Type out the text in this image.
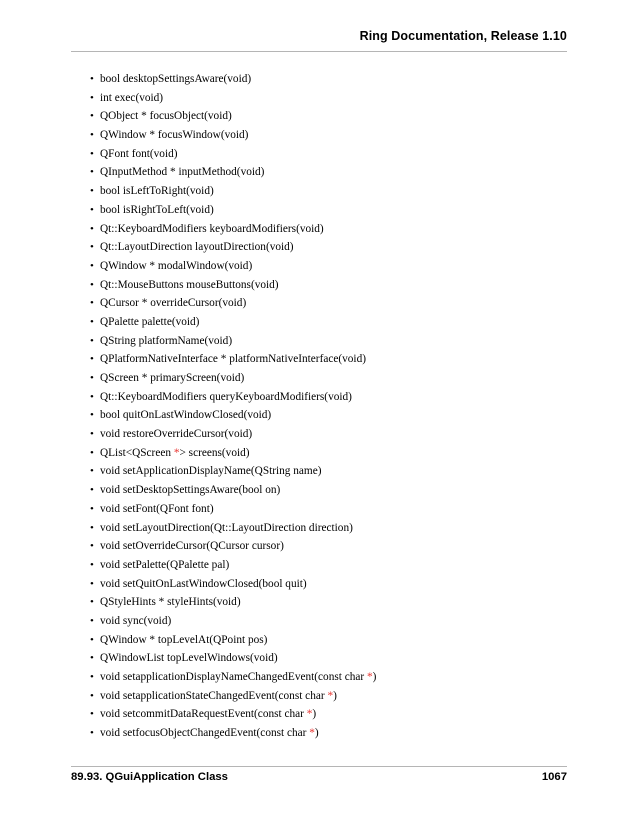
Ring Documentation, Release 1.10
• bool desktopSettingsAware(void)
• int exec(void)
• QObject * focusObject(void)
• QWindow * focusWindow(void)
• QFont font(void)
• QInputMethod * inputMethod(void)
• bool isLeftToRight(void)
• bool isRightToLeft(void)
• Qt::KeyboardModifiers keyboardModifiers(void)
• Qt::LayoutDirection layoutDirection(void)
• QWindow * modalWindow(void)
• Qt::MouseButtons mouseButtons(void)
• QCursor * overrideCursor(void)
• QPalette palette(void)
• QString platformName(void)
• QPlatformNativeInterface * platformNativeInterface(void)
• QScreen * primaryScreen(void)
• Qt::KeyboardModifiers queryKeyboardModifiers(void)
• bool quitOnLastWindowClosed(void)
• void restoreOverrideCursor(void)
• QList<QScreen *> screens(void)
• void setApplicationDisplayName(QString name)
• void setDesktopSettingsAware(bool on)
• void setFont(QFont font)
• void setLayoutDirection(Qt::LayoutDirection direction)
• void setOverrideCursor(QCursor cursor)
• void setPalette(QPalette pal)
• void setQuitOnLastWindowClosed(bool quit)
• QStyleHints * styleHints(void)
• void sync(void)
• QWindow * topLevelAt(QPoint pos)
• QWindowList topLevelWindows(void)
• void setapplicationDisplayNameChangedEvent(const char *)
• void setapplicationStateChangedEvent(const char *)
• void setcommitDataRequestEvent(const char *)
• void setfocusObjectChangedEvent(const char *)
89.93. QGuiApplication Class	1067
